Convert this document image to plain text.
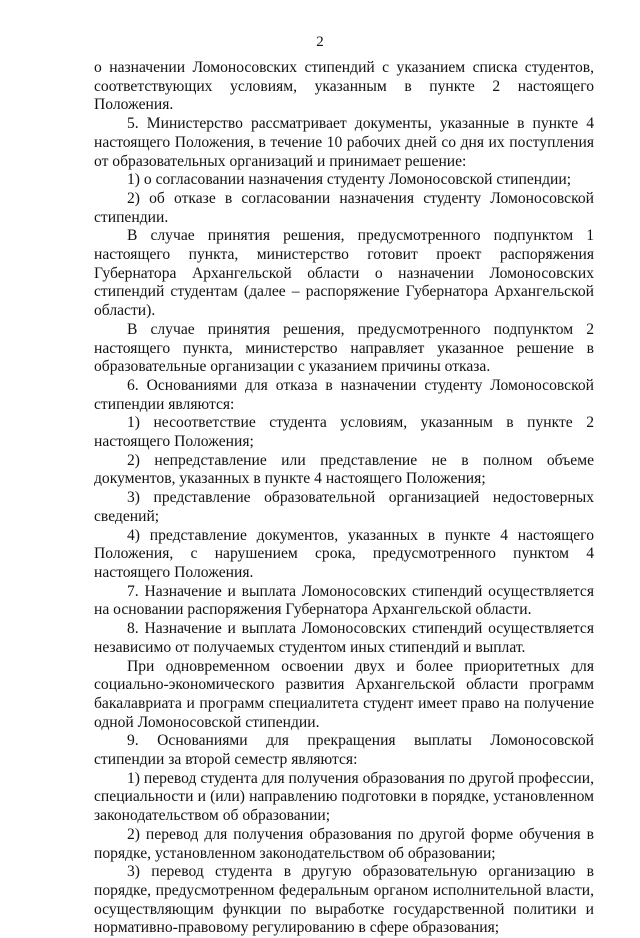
2

о назначении Ломоносовских стипендий с указанием списка студентов, соответствующих условиям, указанным в пункте 2 настоящего Положения.

5. Министерство рассматривает документы, указанные в пункте 4 настоящего Положения, в течение 10 рабочих дней со дня их поступления от образовательных организаций и принимает решение:

1) о согласовании назначения студенту Ломоносовской стипендии;

2) об отказе в согласовании назначения студенту Ломоносовской стипендии.

В случае принятия решения, предусмотренного подпунктом 1 настоящего пункта, министерство готовит проект распоряжения Губернатора Архангельской области о назначении Ломоносовских стипендий студентам (далее – распоряжение Губернатора Архангельской области).

В случае принятия решения, предусмотренного подпунктом 2 настоящего пункта, министерство направляет указанное решение в образовательные организации с указанием причины отказа.

6. Основаниями для отказа в назначении студенту Ломоносовской стипендии являются:

1) несоответствие студента условиям, указанным в пункте 2 настоящего Положения;

2) непредставление или представление не в полном объеме документов, указанных в пункте 4 настоящего Положения;

3) представление образовательной организацией недостоверных сведений;

4) представление документов, указанных в пункте 4 настоящего Положения, с нарушением срока, предусмотренного пунктом 4 настоящего Положения.

7. Назначение и выплата Ломоносовских стипендий осуществляется на основании распоряжения Губернатора Архангельской области.

8. Назначение и выплата Ломоносовских стипендий осуществляется независимо от получаемых студентом иных стипендий и выплат.

При одновременном освоении двух и более приоритетных для социально-экономического развития Архангельской области программ бакалавриата и программ специалитета студент имеет право на получение одной Ломоносовской стипендии.

9. Основаниями для прекращения выплаты Ломоносовской стипендии за второй семестр являются:

1) перевод студента для получения образования по другой профессии, специальности и (или) направлению подготовки в порядке, установленном законодательством об образовании;

2) перевод для получения образования по другой форме обучения в порядке, установленном законодательством об образовании;

3) перевод студента в другую образовательную организацию в порядке, предусмотренном федеральным органом исполнительной власти, осуществляющим функции по выработке государственной политики и нормативно-правовому регулированию в сфере образования;
